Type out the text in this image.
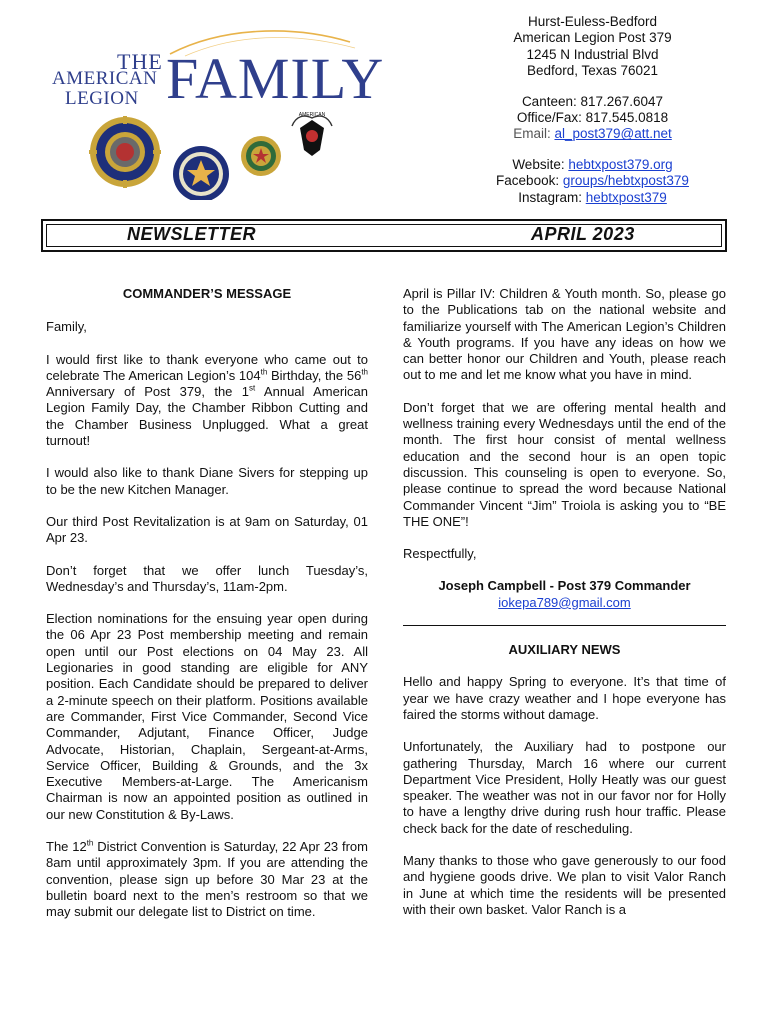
AMERICAN
THE
AMERICAN
LEGION FAMILY
Hurst-Euless-Bedford
American Legion Post 379
1245 N Industrial Blvd
Bedford, Texas 76021
Canteen: 817.267.6047
Office/Fax: 817.545.0818
Email: al_post379@att.net
Website: hebtxpost379.org
Facebook: groups/hebtxpost379
Instagram: hebtxpost379
NEWSLETTER	APRIL 2023

COMMANDER’S MESSAGE

Family,

I would first like to thank everyone who came out to celebrate The American Legion’s 104th Birthday, the 56th Anniversary of Post 379, the 1st Annual American Legion Family Day, the Chamber Ribbon Cutting and the Chamber Business Unplugged. What a great turnout!

I would also like to thank Diane Sivers for stepping up to be the new Kitchen Manager.

Our third Post Revitalization is at 9am on Saturday, 01 Apr 23.

Don’t forget that we offer lunch Tuesday’s, Wednesday’s and Thursday’s, 11am-2pm.

Election nominations for the ensuing year open during the 06 Apr 23 Post membership meeting and remain open until our Post elections on 04 May 23. All Legionaries in good standing are eligible for ANY position. Each Candidate should be prepared to deliver a 2-minute speech on their platform. Positions available are Commander, First Vice Commander, Second Vice Commander, Adjutant, Finance Officer, Judge Advocate, Historian, Chaplain, Sergeant-at-Arms, Service Officer, Building & Grounds, and the 3x Executive Members-at-Large. The Americanism Chairman is now an appointed position as outlined in our new Constitution & By-Laws.

The 12th District Convention is Saturday, 22 Apr 23 from 8am until approximately 3pm. If you are attending the convention, please sign up before 30 Mar 23 at the bulletin board next to the men’s restroom so that we may submit our delegate list to District on time.

April is Pillar IV: Children & Youth month. So, please go to the Publications tab on the national website and familiarize yourself with The American Legion’s Children & Youth programs. If you have any ideas on how we can better honor our Children and Youth, please reach out to me and let me know what you have in mind.

Don’t forget that we are offering mental health and wellness training every Wednesdays until the end of the month. The first hour consist of mental wellness education and the second hour is an open topic discussion. This counseling is open to everyone. So, please continue to spread the word because National Commander Vincent “Jim” Troiola is asking you to “BE THE ONE”!

Respectfully,

Joseph Campbell - Post 379 Commander

iokepa789@gmail.com

AUXILIARY NEWS

Hello and happy Spring to everyone. It’s that time of year we have crazy weather and I hope everyone has faired the storms without damage.

Unfortunately, the Auxiliary had to postpone our gathering Thursday, March 16 where our current Department Vice President, Holly Heatly was our guest speaker. The weather was not in our favor nor for Holly to have a lengthy drive during rush hour traffic. Please check back for the date of rescheduling.

Many thanks to those who gave generously to our food and hygiene goods drive. We plan to visit Valor Ranch in June at which time the residents will be presented with their own basket. Valor Ranch is a
